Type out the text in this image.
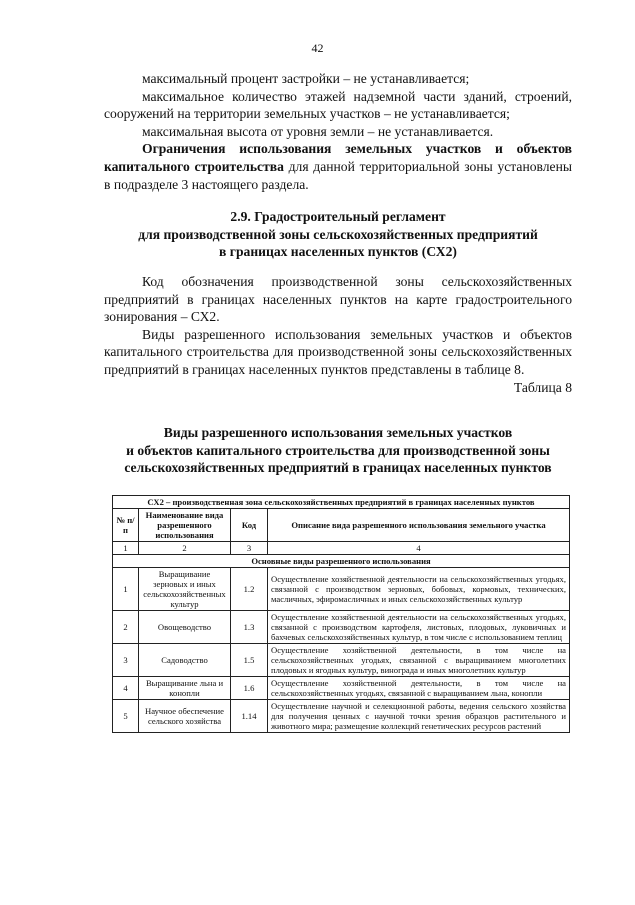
42
максимальный процент застройки – не устанавливается;
максимальное количество этажей надземной части зданий, строений, сооружений на территории земельных участков – не устанавливается;
максимальная высота от уровня земли – не устанавливается.
Ограничения использования земельных участков и объектов капитального строительства для данной территориальной зоны установлены в подразделе 3 настоящего раздела.
2.9. Градостроительный регламент
для производственной зоны сельскохозяйственных предприятий
в границах населенных пунктов (СХ2)
Код обозначения производственной зоны сельскохозяйственных предприятий в границах населенных пунктов на карте градостроительного зонирования – СХ2.
Виды разрешенного использования земельных участков и объектов капитального строительства для производственной зоны сельскохозяйственных предприятий в границах населенных пунктов представлены в таблице 8.
Таблица 8
Виды разрешенного использования земельных участков
и объектов капитального строительства для производственной зоны
сельскохозяйственных предприятий в границах населенных пунктов
СХ2 – производственная зона сельскохозяйственных предприятий в границах населенных пунктов			
№ п/п	Наименование вида разрешенного использования	Код	Описание вида разрешенного использования земельного участка
1	2	3	4
Основные виды разрешенного использования			
1	Выращивание зерновых и иных сельскохозяйственных культур	1.2	Осуществление хозяйственной деятельности на сельскохозяйственных угодьях, связанной с производством зерновых, бобовых, кормовых, технических, масличных, эфиромасличных и иных сельскохозяйственных культур
2	Овощеводство	1.3	Осуществление хозяйственной деятельности на сельскохозяйственных угодьях, связанной с производством картофеля, листовых, плодовых, луковичных и бахчевых сельскохозяйственных культур, в том числе с использованием теплиц
3	Садоводство	1.5	Осуществление хозяйственной деятельности, в том числе на сельскохозяйственных угодьях, связанной с выращиванием многолетних плодовых и ягодных культур, винограда и иных многолетних культур
4	Выращивание льна и конопли	1.6	Осуществление хозяйственной деятельности, в том числе на сельскохозяйственных угодьях, связанной с выращиванием льна, конопли
5	Научное обеспечение сельского хозяйства	1.14	Осуществление научной и селекционной работы, ведения сельского хозяйства для получения ценных с научной точки зрения образцов растительного и животного мира; размещение коллекций генетических ресурсов растений
